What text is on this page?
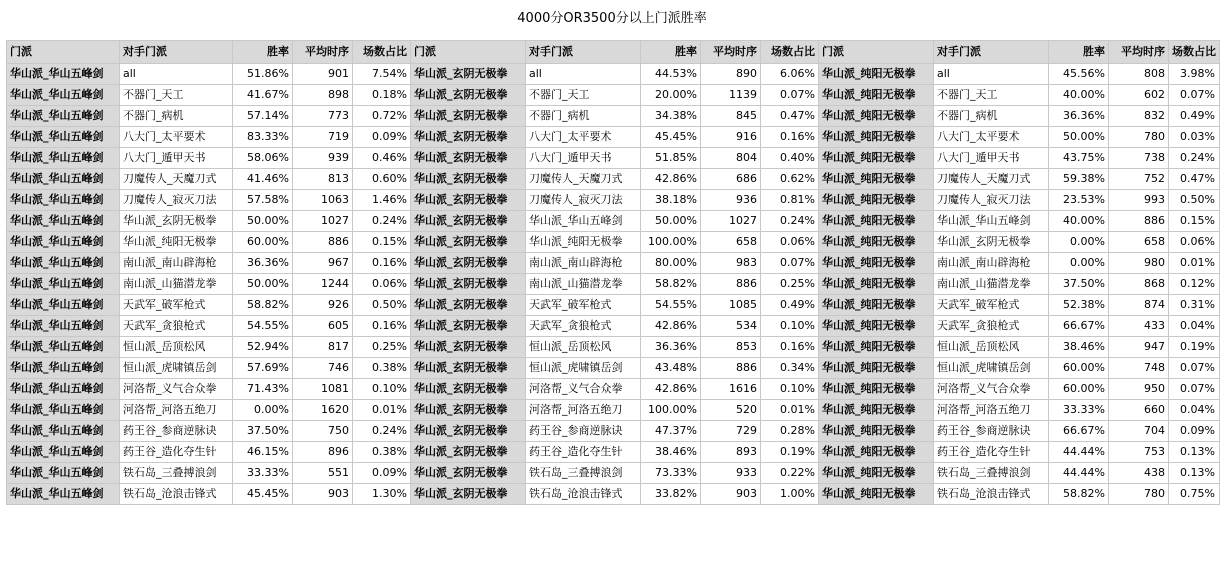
4000分OR3500分以上门派胜率
门派	对手门派	胜率	平均时序	场数占比	门派	对手门派	胜率	平均时序	场数占比	门派	对手门派	胜率	平均时序	场数占比
华山派_华山五峰剑	all	51.86%	901	7.54%	华山派_玄阴无极拳	all	44.53%	890	6.06%	华山派_纯阳无极拳	all	45.56%	808	3.98%
华山派_华山五峰剑	不器门_天工	41.67%	898	0.18%	华山派_玄阴无极拳	不器门_天工	20.00%	1139	0.07%	华山派_纯阳无极拳	不器门_天工	40.00%	602	0.07%
华山派_华山五峰剑	不器门_病机	57.14%	773	0.72%	华山派_玄阴无极拳	不器门_病机	34.38%	845	0.47%	华山派_纯阳无极拳	不器门_病机	36.36%	832	0.49%
华山派_华山五峰剑	八大门_太平要术	83.33%	719	0.09%	华山派_玄阴无极拳	八大门_太平要术	45.45%	916	0.16%	华山派_纯阳无极拳	八大门_太平要术	50.00%	780	0.03%
华山派_华山五峰剑	八大门_遁甲天书	58.06%	939	0.46%	华山派_玄阴无极拳	八大门_遁甲天书	51.85%	804	0.40%	华山派_纯阳无极拳	八大门_遁甲天书	43.75%	738	0.24%
华山派_华山五峰剑	刀魔传人_天魔刀式	41.46%	813	0.60%	华山派_玄阴无极拳	刀魔传人_天魔刀式	42.86%	686	0.62%	华山派_纯阳无极拳	刀魔传人_天魔刀式	59.38%	752	0.47%
华山派_华山五峰剑	刀魔传人_寂灭刀法	57.58%	1063	1.46%	华山派_玄阴无极拳	刀魔传人_寂灭刀法	38.18%	936	0.81%	华山派_纯阳无极拳	刀魔传人_寂灭刀法	23.53%	993	0.50%
华山派_华山五峰剑	华山派_玄阴无极拳	50.00%	1027	0.24%	华山派_玄阴无极拳	华山派_华山五峰剑	50.00%	1027	0.24%	华山派_纯阳无极拳	华山派_华山五峰剑	40.00%	886	0.15%
华山派_华山五峰剑	华山派_纯阳无极拳	60.00%	886	0.15%	华山派_玄阴无极拳	华山派_纯阳无极拳	100.00%	658	0.06%	华山派_纯阳无极拳	华山派_玄阴无极拳	0.00%	658	0.06%
华山派_华山五峰剑	南山派_南山辟海枪	36.36%	967	0.16%	华山派_玄阴无极拳	南山派_南山辟海枪	80.00%	983	0.07%	华山派_纯阳无极拳	南山派_南山辟海枪	0.00%	980	0.01%
华山派_华山五峰剑	南山派_山猫潜龙拳	50.00%	1244	0.06%	华山派_玄阴无极拳	南山派_山猫潜龙拳	58.82%	886	0.25%	华山派_纯阳无极拳	南山派_山猫潜龙拳	37.50%	868	0.12%
华山派_华山五峰剑	天武军_破军枪式	58.82%	926	0.50%	华山派_玄阴无极拳	天武军_破军枪式	54.55%	1085	0.49%	华山派_纯阳无极拳	天武军_破军枪式	52.38%	874	0.31%
华山派_华山五峰剑	天武军_贪狼枪式	54.55%	605	0.16%	华山派_玄阴无极拳	天武军_贪狼枪式	42.86%	534	0.10%	华山派_纯阳无极拳	天武军_贪狼枪式	66.67%	433	0.04%
华山派_华山五峰剑	恒山派_岳顶松风	52.94%	817	0.25%	华山派_玄阴无极拳	恒山派_岳顶松风	36.36%	853	0.16%	华山派_纯阳无极拳	恒山派_岳顶松风	38.46%	947	0.19%
华山派_华山五峰剑	恒山派_虎啸镇岳剑	57.69%	746	0.38%	华山派_玄阴无极拳	恒山派_虎啸镇岳剑	43.48%	886	0.34%	华山派_纯阳无极拳	恒山派_虎啸镇岳剑	60.00%	748	0.07%
华山派_华山五峰剑	河洛帮_义气合众拳	71.43%	1081	0.10%	华山派_玄阴无极拳	河洛帮_义气合众拳	42.86%	1616	0.10%	华山派_纯阳无极拳	河洛帮_义气合众拳	60.00%	950	0.07%
华山派_华山五峰剑	河洛帮_河洛五绝刀	0.00%	1620	0.01%	华山派_玄阴无极拳	河洛帮_河洛五绝刀	100.00%	520	0.01%	华山派_纯阳无极拳	河洛帮_河洛五绝刀	33.33%	660	0.04%
华山派_华山五峰剑	药王谷_参商逆脉诀	37.50%	750	0.24%	华山派_玄阴无极拳	药王谷_参商逆脉诀	47.37%	729	0.28%	华山派_纯阳无极拳	药王谷_参商逆脉诀	66.67%	704	0.09%
华山派_华山五峰剑	药王谷_造化夺生针	46.15%	896	0.38%	华山派_玄阴无极拳	药王谷_造化夺生针	38.46%	893	0.19%	华山派_纯阳无极拳	药王谷_造化夺生针	44.44%	753	0.13%
华山派_华山五峰剑	铁石岛_三叠搏浪剑	33.33%	551	0.09%	华山派_玄阴无极拳	铁石岛_三叠搏浪剑	73.33%	933	0.22%	华山派_纯阳无极拳	铁石岛_三叠搏浪剑	44.44%	438	0.13%
华山派_华山五峰剑	铁石岛_沧浪击锋式	45.45%	903	1.30%	华山派_玄阴无极拳	铁石岛_沧浪击锋式	33.82%	903	1.00%	华山派_纯阳无极拳	铁石岛_沧浪击锋式	58.82%	780	0.75%
